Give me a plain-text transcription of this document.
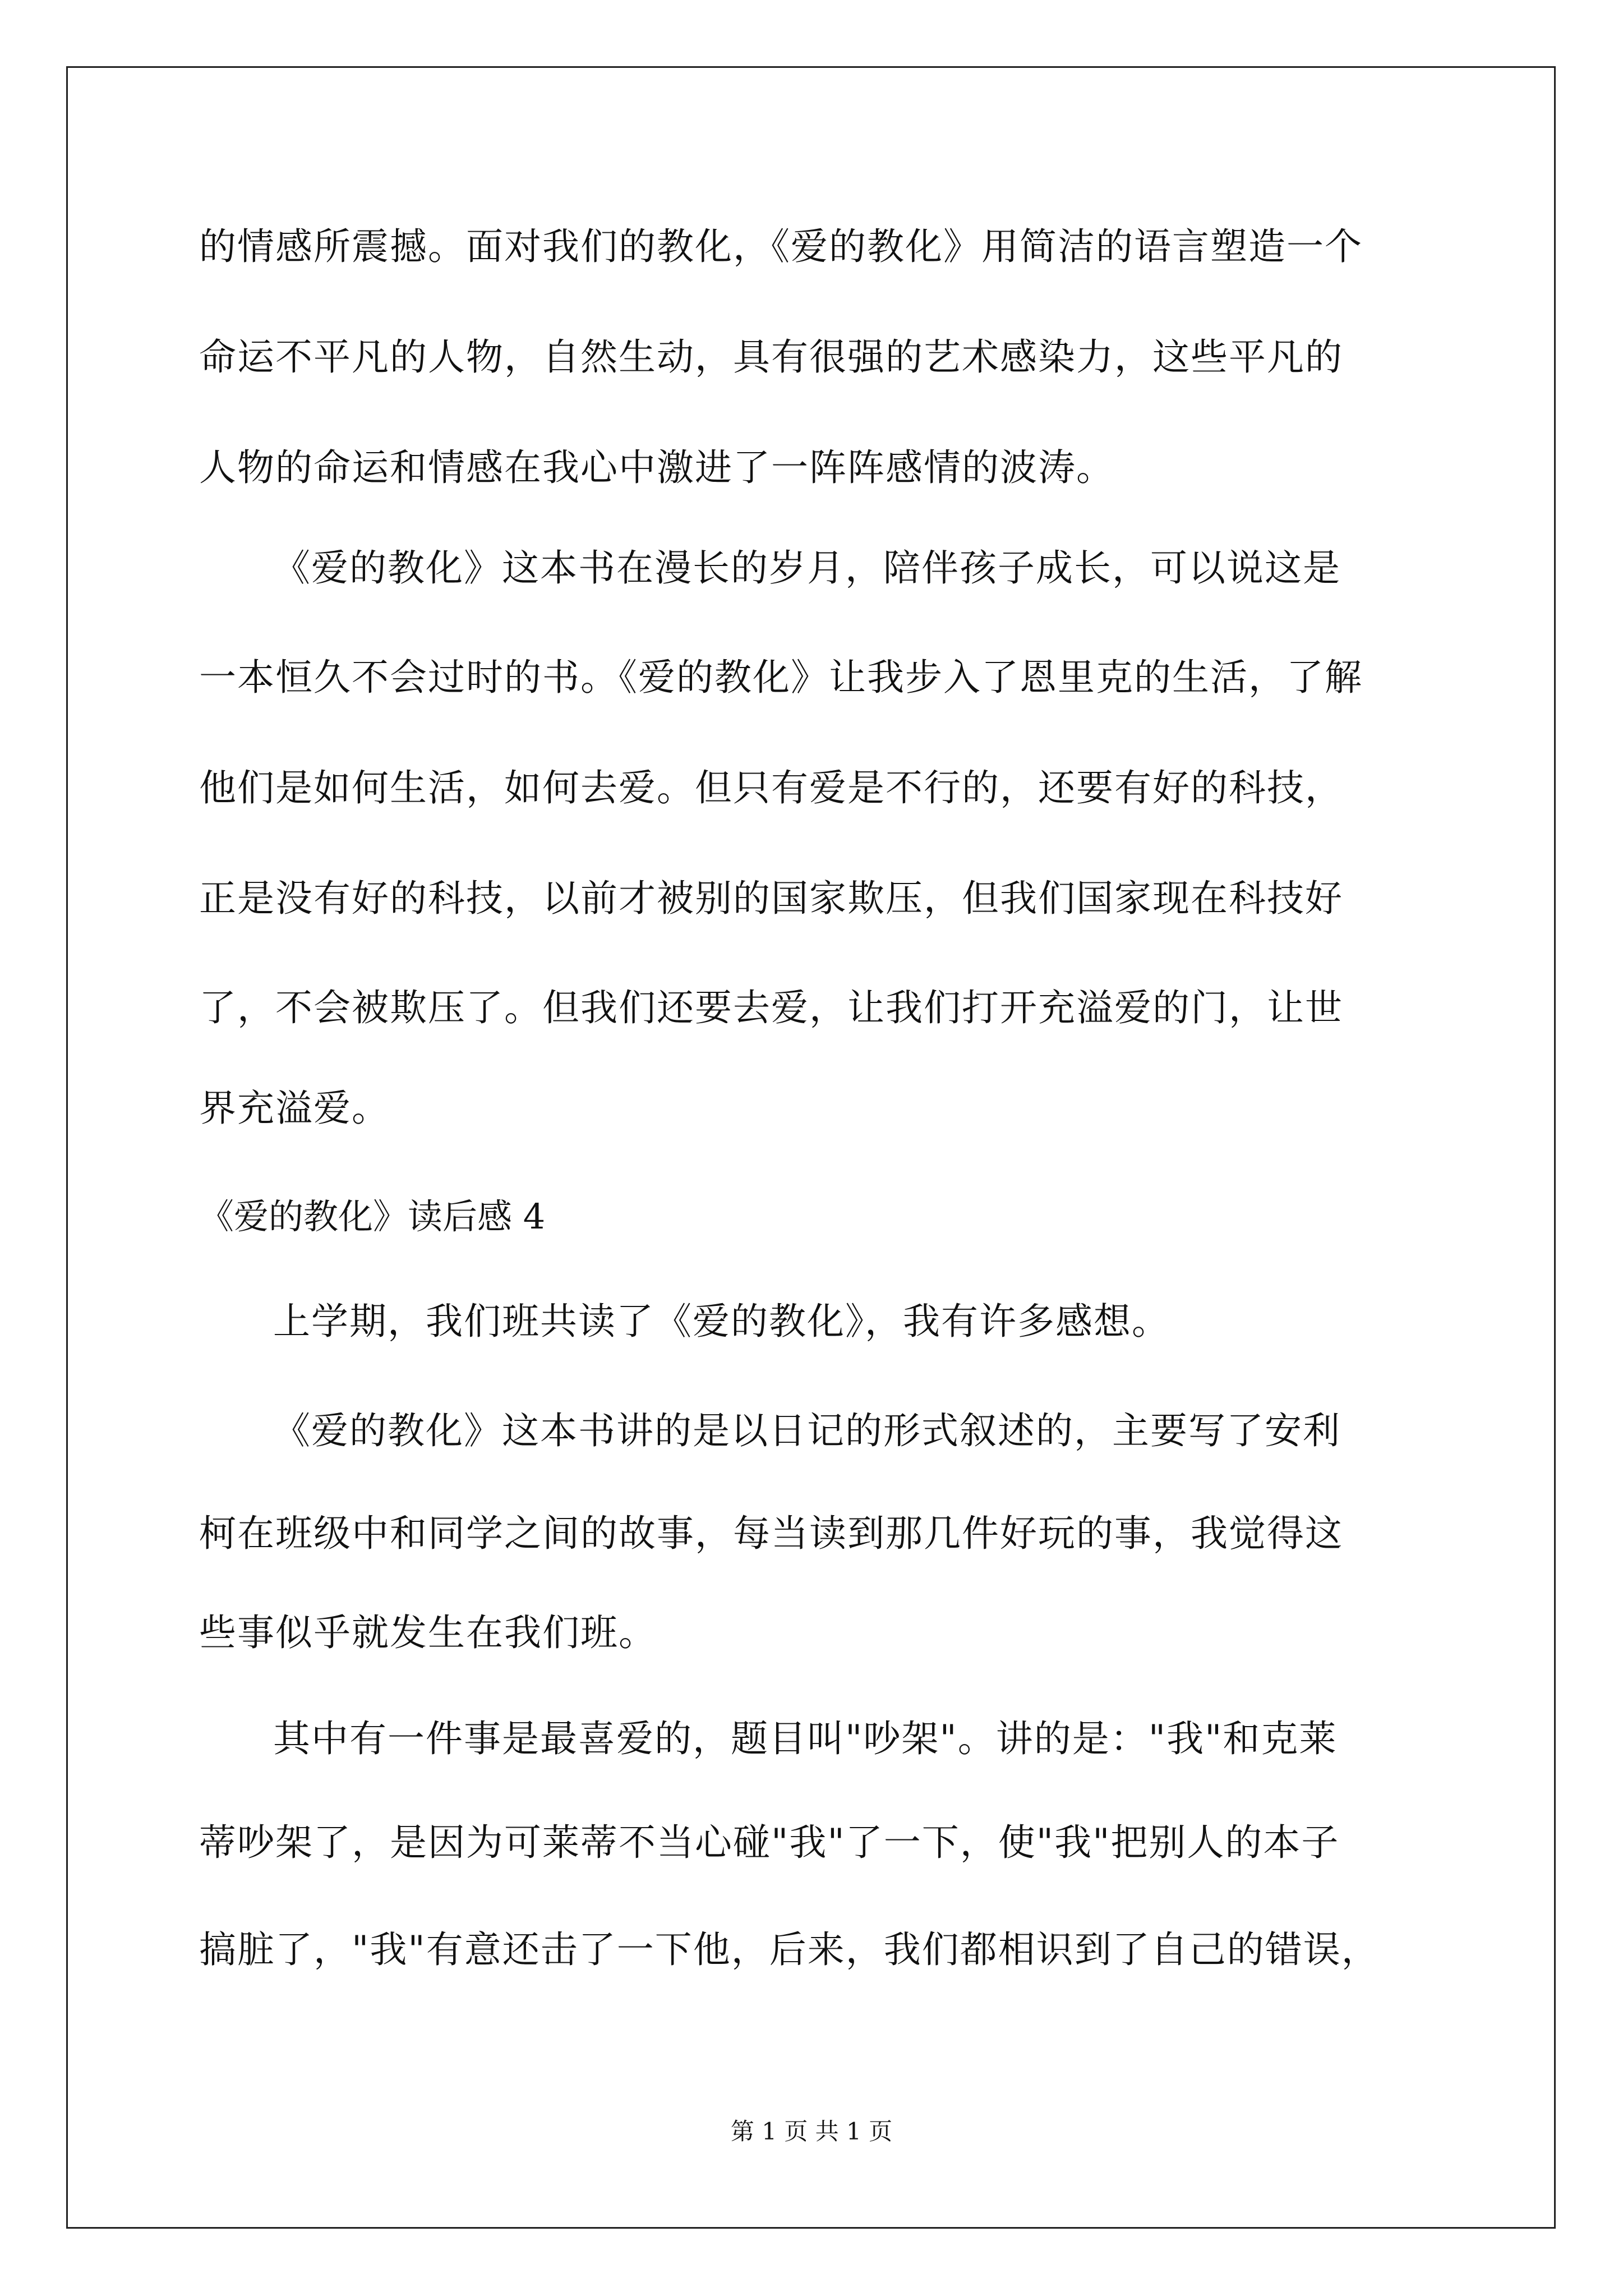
的情感所震撼。面对我们的教化，《爱的教化》用简洁的语言塑造一个
命运不平凡的人物，自然生动，具有很强的艺术感染力，这些平凡的
人物的命运和情感在我心中激进了一阵阵感情的波涛。
《爱的教化》这本书在漫长的岁月，陪伴孩子成长，可以说这是
一本恒久不会过时的书。《爱的教化》让我步入了恩里克的生活，了解
他们是如何生活，如何去爱。但只有爱是不行的，还要有好的科技，
正是没有好的科技，以前才被别的国家欺压，但我们国家现在科技好
了，不会被欺压了。但我们还要去爱，让我们打开充溢爱的门，让世
界充溢爱。
《爱的教化》读后感 4
上学期，我们班共读了《爱的教化》，我有许多感想。
《爱的教化》这本书讲的是以日记的形式叙述的，主要写了安利
柯在班级中和同学之间的故事，每当读到那几件好玩的事，我觉得这
些事似乎就发生在我们班。
其中有一件事是最喜爱的，题目叫"吵架"。讲的是："我"和克莱
蒂吵架了，是因为可莱蒂不当心碰"我"了一下，使"我"把别人的本子
搞脏了，"我"有意还击了一下他，后来，我们都相识到了自己的错误，
第 1 页 共 1 页
